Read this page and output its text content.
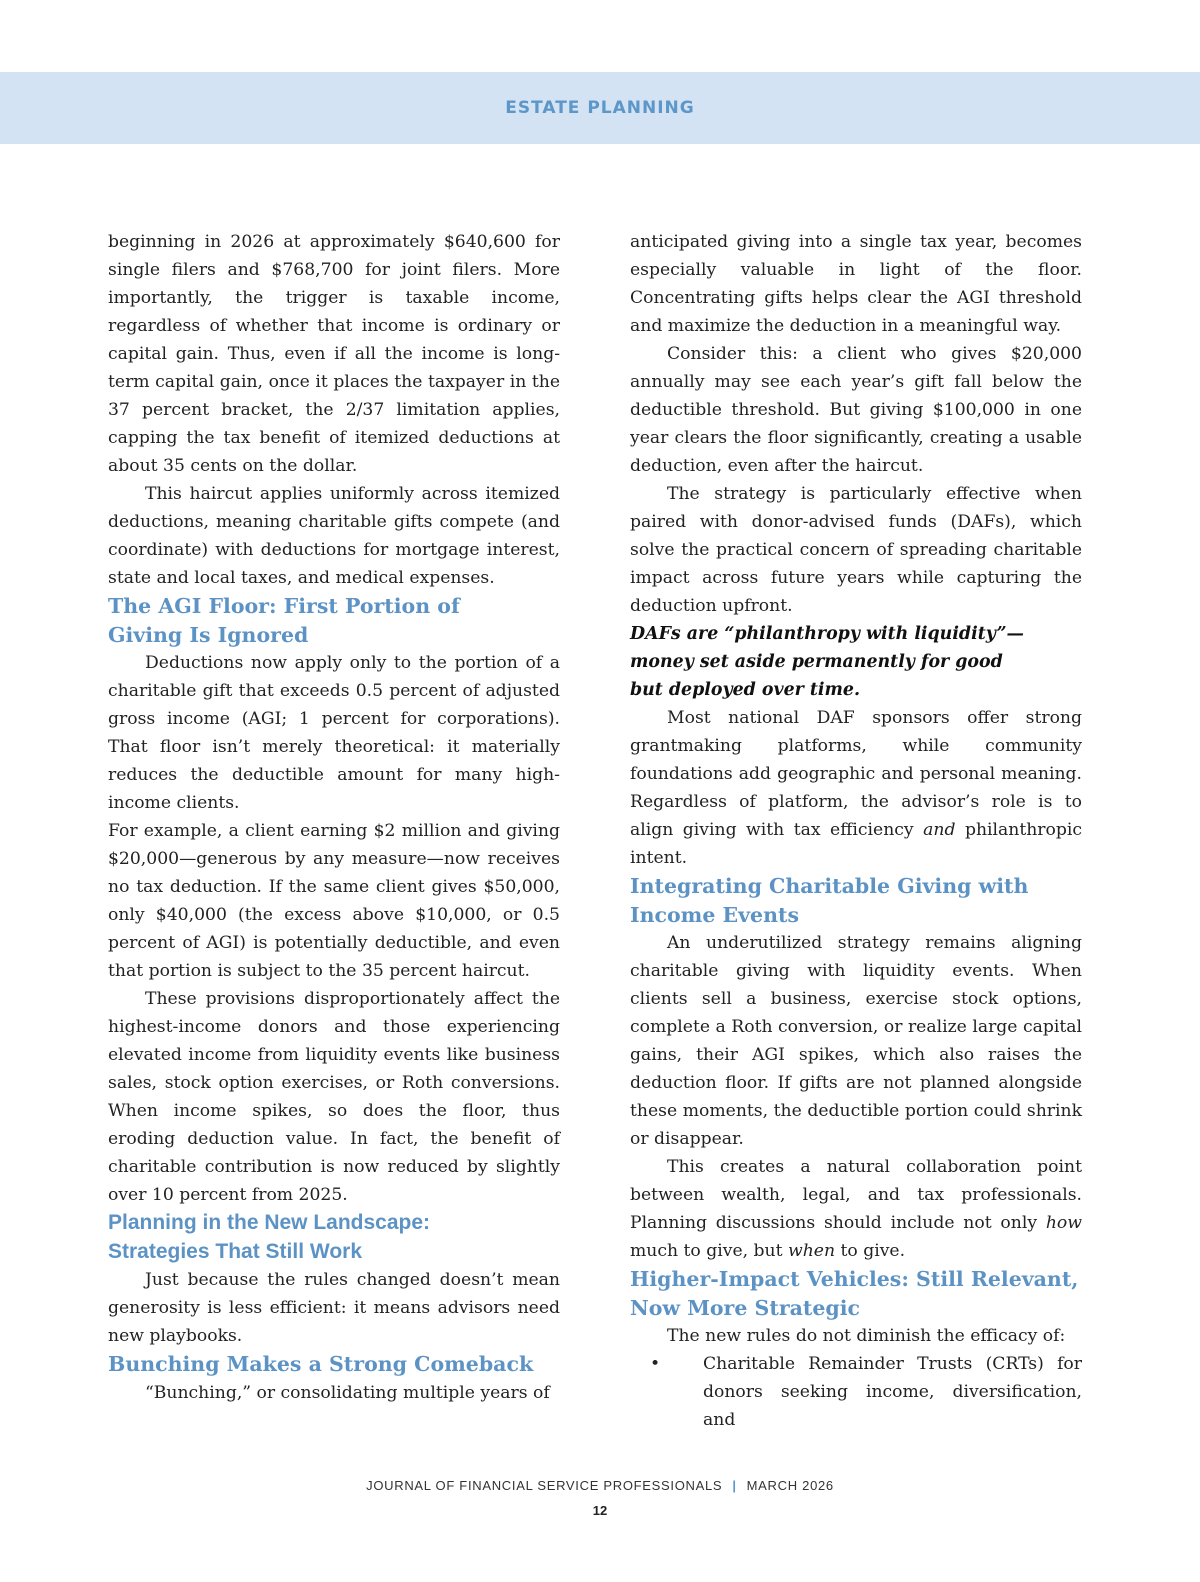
ESTATE PLANNING

beginning in 2026 at approximately $640,600 for single filers and $768,700 for joint filers. More importantly, the trigger is taxable income, regardless of whether that income is ordinary or capital gain. Thus, even if all the income is long-term capital gain, once it places the taxpayer in the 37 percent bracket, the 2/37 limitation applies, capping the tax benefit of itemized deductions at about 35 cents on the dollar.

This haircut applies uniformly across itemized deductions, meaning charitable gifts compete (and coordinate) with deductions for mortgage interest, state and local taxes, and medical expenses.

The AGI Floor: First Portion of
Giving Is Ignored

Deductions now apply only to the portion of a charitable gift that exceeds 0.5 percent of adjusted gross income (AGI; 1 percent for corporations). That floor isn’t merely theoretical: it materially reduces the deductible amount for many high-income clients.

For example, a client earning $2 million and giving $20,000—generous by any measure—now receives no tax deduction. If the same client gives $50,000, only $40,000 (the excess above $10,000, or 0.5 percent of AGI) is potentially deductible, and even that portion is subject to the 35 percent haircut.

These provisions disproportionately affect the highest-income donors and those experiencing elevated income from liquidity events like business sales, stock option exercises, or Roth conversions. When income spikes, so does the floor, thus eroding deduction value. In fact, the benefit of charitable contribution is now reduced by slightly over 10 percent from 2025.

Planning in the New Landscape:
Strategies That Still Work

Just because the rules changed doesn’t mean generosity is less efficient: it means advisors need new playbooks.

Bunching Makes a Strong Comeback

“Bunching,” or consolidating multiple years of

anticipated giving into a single tax year, becomes especially valuable in light of the floor. Concentrating gifts helps clear the AGI threshold and maximize the deduction in a meaningful way.

Consider this: a client who gives $20,000 annually may see each year’s gift fall below the deductible threshold. But giving $100,000 in one year clears the floor significantly, creating a usable deduction, even after the haircut.

The strategy is particularly effective when paired with donor-advised funds (DAFs), which solve the practical concern of spreading charitable impact across future years while capturing the deduction upfront.

DAFs are “philanthropy with liquidity”—
money set aside permanently for good
but deployed over time.

Most national DAF sponsors offer strong grantmaking platforms, while community foundations add geographic and personal meaning. Regardless of platform, the advisor’s role is to align giving with tax efficiency and philanthropic intent.

Integrating Charitable Giving with
Income Events

An underutilized strategy remains aligning charitable giving with liquidity events. When clients sell a business, exercise stock options, complete a Roth conversion, or realize large capital gains, their AGI spikes, which also raises the deduction floor. If gifts are not planned alongside these moments, the deductible portion could shrink or disappear.

This creates a natural collaboration point between wealth, legal, and tax professionals. Planning discussions should include not only how much to give, but when to give.

Higher-Impact Vehicles: Still Relevant,
Now More Strategic

The new rules do not diminish the efficacy of:

• Charitable Remainder Trusts (CRTs) for donors seeking income, diversification, and
JOURNAL OF FINANCIAL SERVICE PROFESSIONALS | MARCH 2026
12
